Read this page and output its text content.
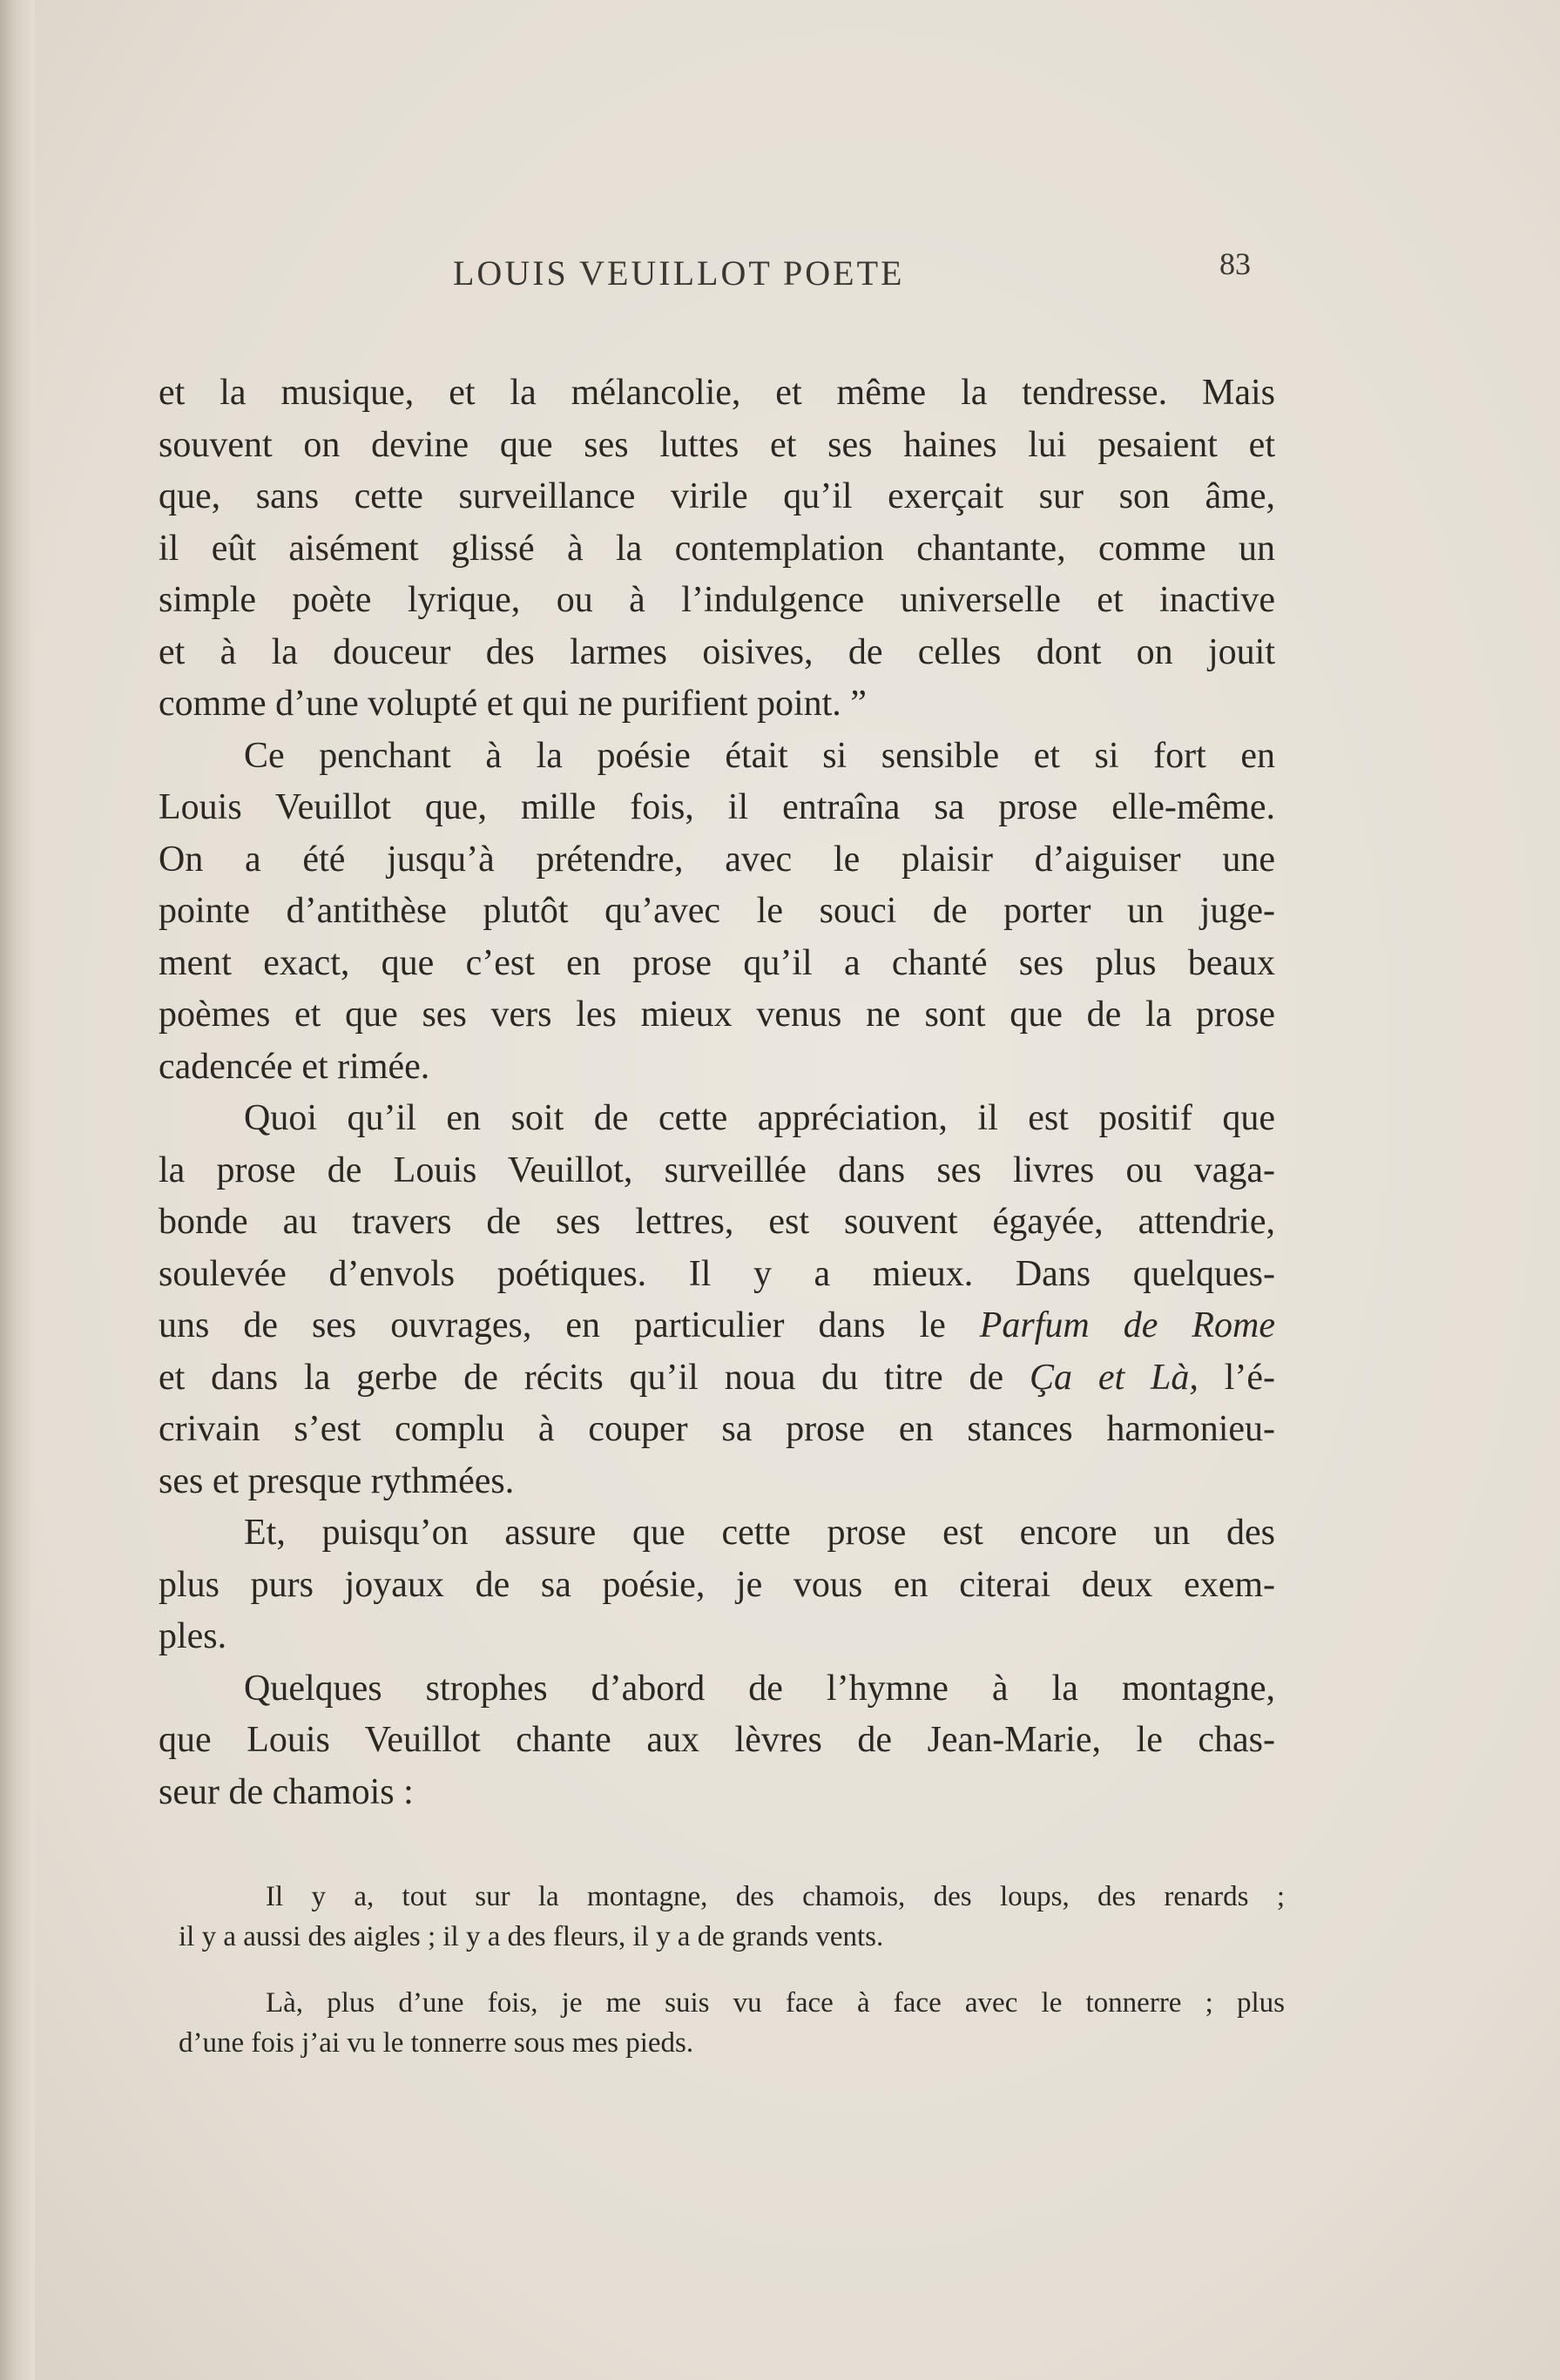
LOUIS VEUILLOT POETE	83
et la musique, et la mélancolie, et même la tendresse. Mais
souvent on devine que ses luttes et ses haines lui pesaient et
que, sans cette surveillance virile qu’il exerçait sur son âme,
il eût aisément glissé à la contemplation chantante, comme un
simple poète lyrique, ou à l’indulgence universelle et inactive
et à la douceur des larmes oisives, de celles dont on jouit
comme d’une volupté et qui ne purifient point. ”
Ce penchant à la poésie était si sensible et si fort en
Louis Veuillot que, mille fois, il entraîna sa prose elle-même.
On a été jusqu’à prétendre, avec le plaisir d’aiguiser une
pointe d’antithèse plutôt qu’avec le souci de porter un juge-
ment exact, que c’est en prose qu’il a chanté ses plus beaux
poèmes et que ses vers les mieux venus ne sont que de la prose
cadencée et rimée.
Quoi qu’il en soit de cette appréciation, il est positif que
la prose de Louis Veuillot, surveillée dans ses livres ou vaga-
bonde au travers de ses lettres, est souvent égayée, attendrie,
soulevée d’envols poétiques. Il y a mieux. Dans quelques-
uns de ses ouvrages, en particulier dans le Parfum de Rome
et dans la gerbe de récits qu’il noua du titre de Ça et Là, l’é-
crivain s’est complu à couper sa prose en stances harmonieu-
ses et presque rythmées.
Et, puisqu’on assure que cette prose est encore un des
plus purs joyaux de sa poésie, je vous en citerai deux exem-
ples.
Quelques strophes d’abord de l’hymne à la montagne,
que Louis Veuillot chante aux lèvres de Jean-Marie, le chas-
seur de chamois :
Il y a, tout sur la montagne, des chamois, des loups, des renards ;
il y a aussi des aigles ; il y a des fleurs, il y a de grands vents.
Là, plus d’une fois, je me suis vu face à face avec le tonnerre ; plus
d’une fois j’ai vu le tonnerre sous mes pieds.
